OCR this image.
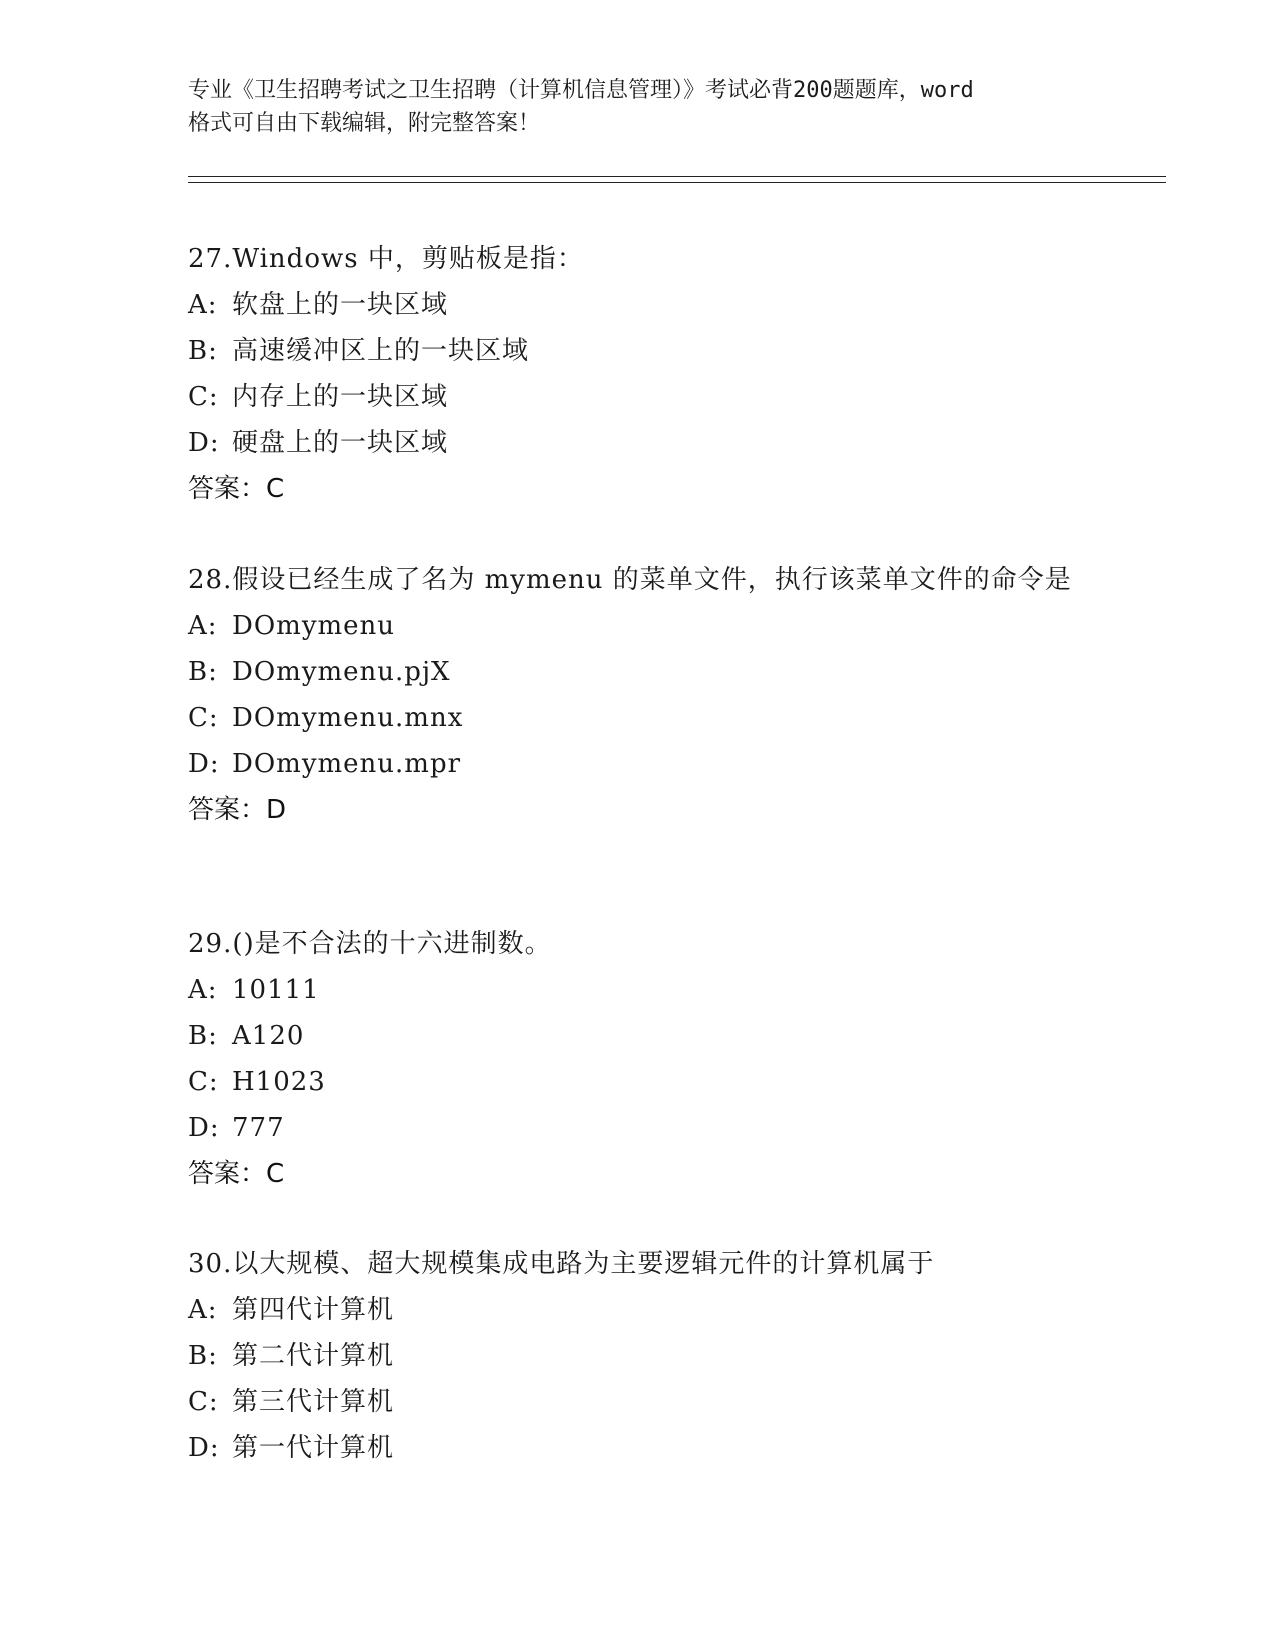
专业《卫生招聘考试之卫生招聘（计算机信息管理）》考试必背200题题库，word
格式可自由下载编辑，附完整答案！
27.Windows 中，剪贴板是指：
A: 软盘上的一块区域
B: 高速缓冲区上的一块区域
C: 内存上的一块区域
D: 硬盘上的一块区域
答案：C
28.假设已经生成了名为 mymenu 的菜单文件，执行该菜单文件的命令是
A: DOmymenu
B: DOmymenu.pjX
C: DOmymenu.mnx
D: DOmymenu.mpr
答案：D
29.()是不合法的十六进制数。
A: 10111
B: A120
C: H1023
D: 777
答案：C
30.以大规模、超大规模集成电路为主要逻辑元件的计算机属于
A: 第四代计算机
B: 第二代计算机
C: 第三代计算机
D: 第一代计算机
